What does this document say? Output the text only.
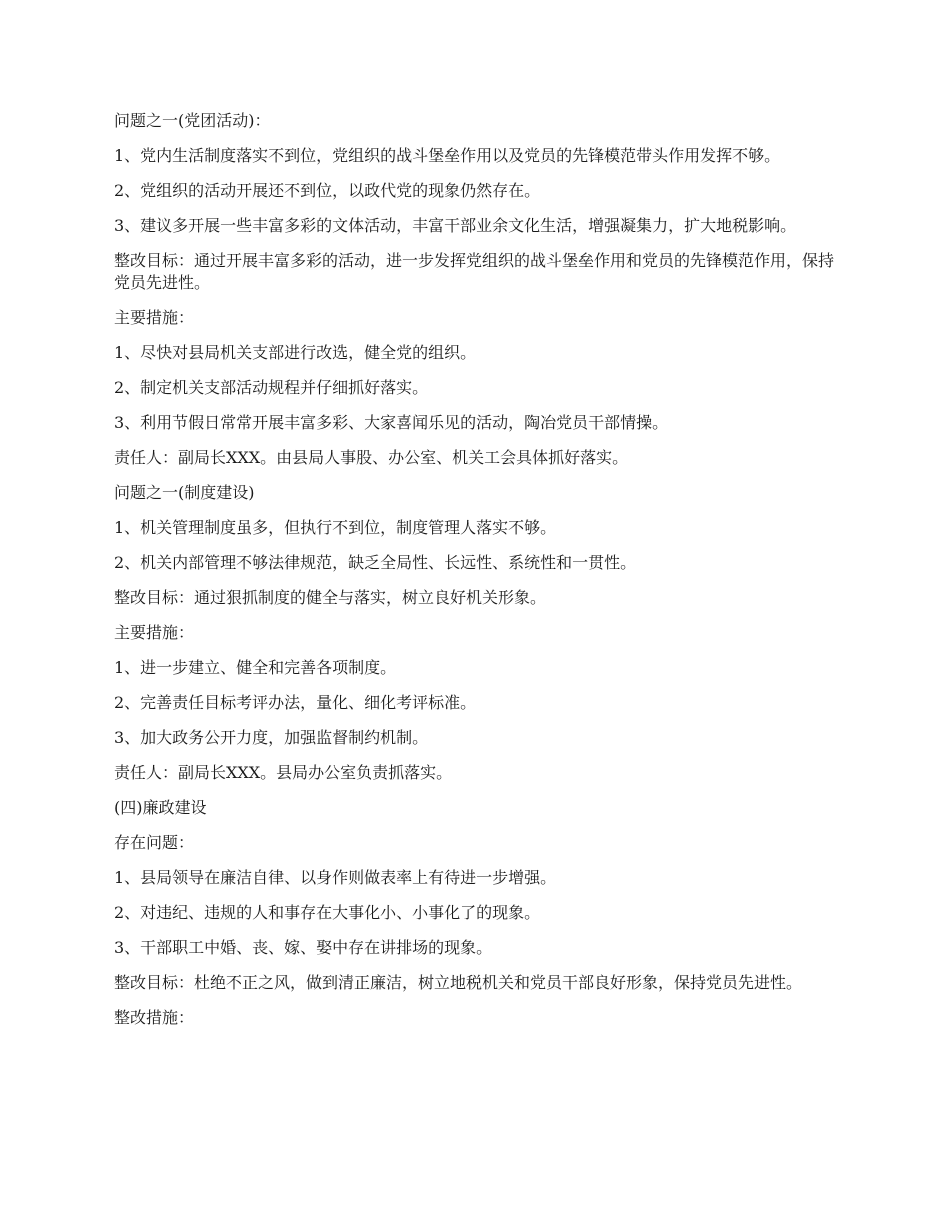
问题之一(党团活动)：

1、党内生活制度落实不到位，党组织的战斗堡垒作用以及党员的先锋模范带头作用发挥不够。

2、党组织的活动开展还不到位，以政代党的现象仍然存在。

3、建议多开展一些丰富多彩的文体活动，丰富干部业余文化生活，增强凝集力，扩大地税影响。

整改目标：通过开展丰富多彩的活动，进一步发挥党组织的战斗堡垒作用和党员的先锋模范作用，保持党员先进性。

主要措施：

1、尽快对县局机关支部进行改选，健全党的组织。

2、制定机关支部活动规程并仔细抓好落实。

3、利用节假日常常开展丰富多彩、大家喜闻乐见的活动，陶冶党员干部情操。

责任人：副局长XXX。由县局人事股、办公室、机关工会具体抓好落实。

问题之一(制度建设)

1、机关管理制度虽多，但执行不到位，制度管理人落实不够。

2、机关内部管理不够法律规范，缺乏全局性、长远性、系统性和一贯性。

整改目标：通过狠抓制度的健全与落实，树立良好机关形象。

主要措施：

1、进一步建立、健全和完善各项制度。

2、完善责任目标考评办法，量化、细化考评标准。

3、加大政务公开力度，加强监督制约机制。

责任人：副局长XXX。县局办公室负责抓落实。

(四)廉政建设

存在问题：

1、县局领导在廉洁自律、以身作则做表率上有待进一步增强。

2、对违纪、违规的人和事存在大事化小、小事化了的现象。

3、干部职工中婚、丧、嫁、娶中存在讲排场的现象。

整改目标：杜绝不正之风，做到清正廉洁，树立地税机关和党员干部良好形象，保持党员先进性。

整改措施：
